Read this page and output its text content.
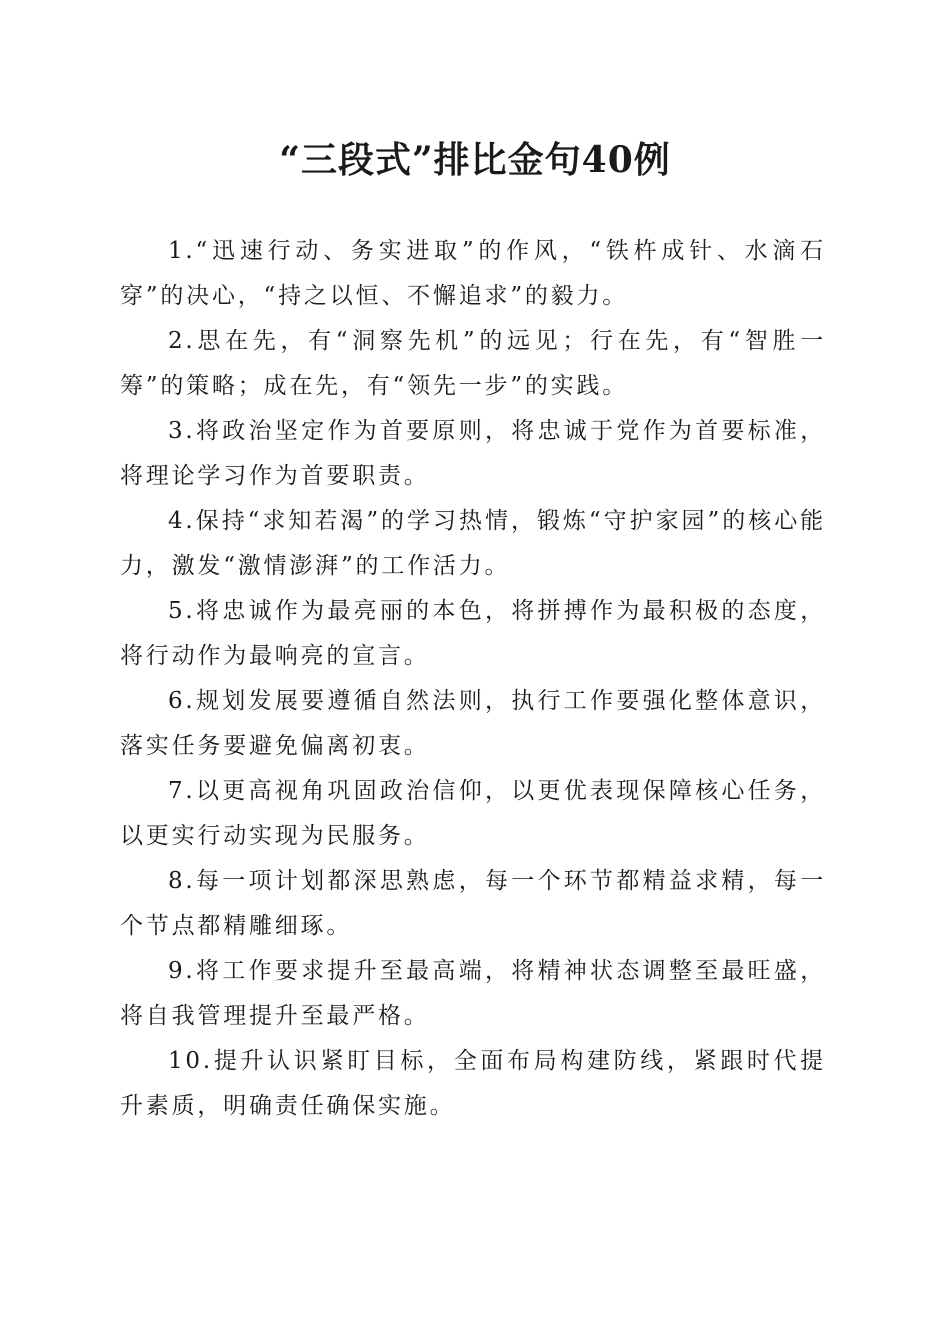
“三段式”排比金句40例

1.“迅速行动、务实进取”的作风，“铁杵成针、水滴石穿”的决心，“持之以恒、不懈追求”的毅力。

2.思在先，有“洞察先机”的远见；行在先，有“智胜一筹”的策略；成在先，有“领先一步”的实践。

3.将政治坚定作为首要原则，将忠诚于党作为首要标准，将理论学习作为首要职责。

4.保持“求知若渴”的学习热情，锻炼“守护家园”的核心能力，激发“激情澎湃”的工作活力。

5.将忠诚作为最亮丽的本色，将拼搏作为最积极的态度，将行动作为最响亮的宣言。

6.规划发展要遵循自然法则，执行工作要强化整体意识，落实任务要避免偏离初衷。

7.以更高视角巩固政治信仰，以更优表现保障核心任务，以更实行动实现为民服务。

8.每一项计划都深思熟虑，每一个环节都精益求精，每一个节点都精雕细琢。

9.将工作要求提升至最高端，将精神状态调整至最旺盛，将自我管理提升至最严格。

10.提升认识紧盯目标，全面布局构建防线，紧跟时代提升素质，明确责任确保实施。
